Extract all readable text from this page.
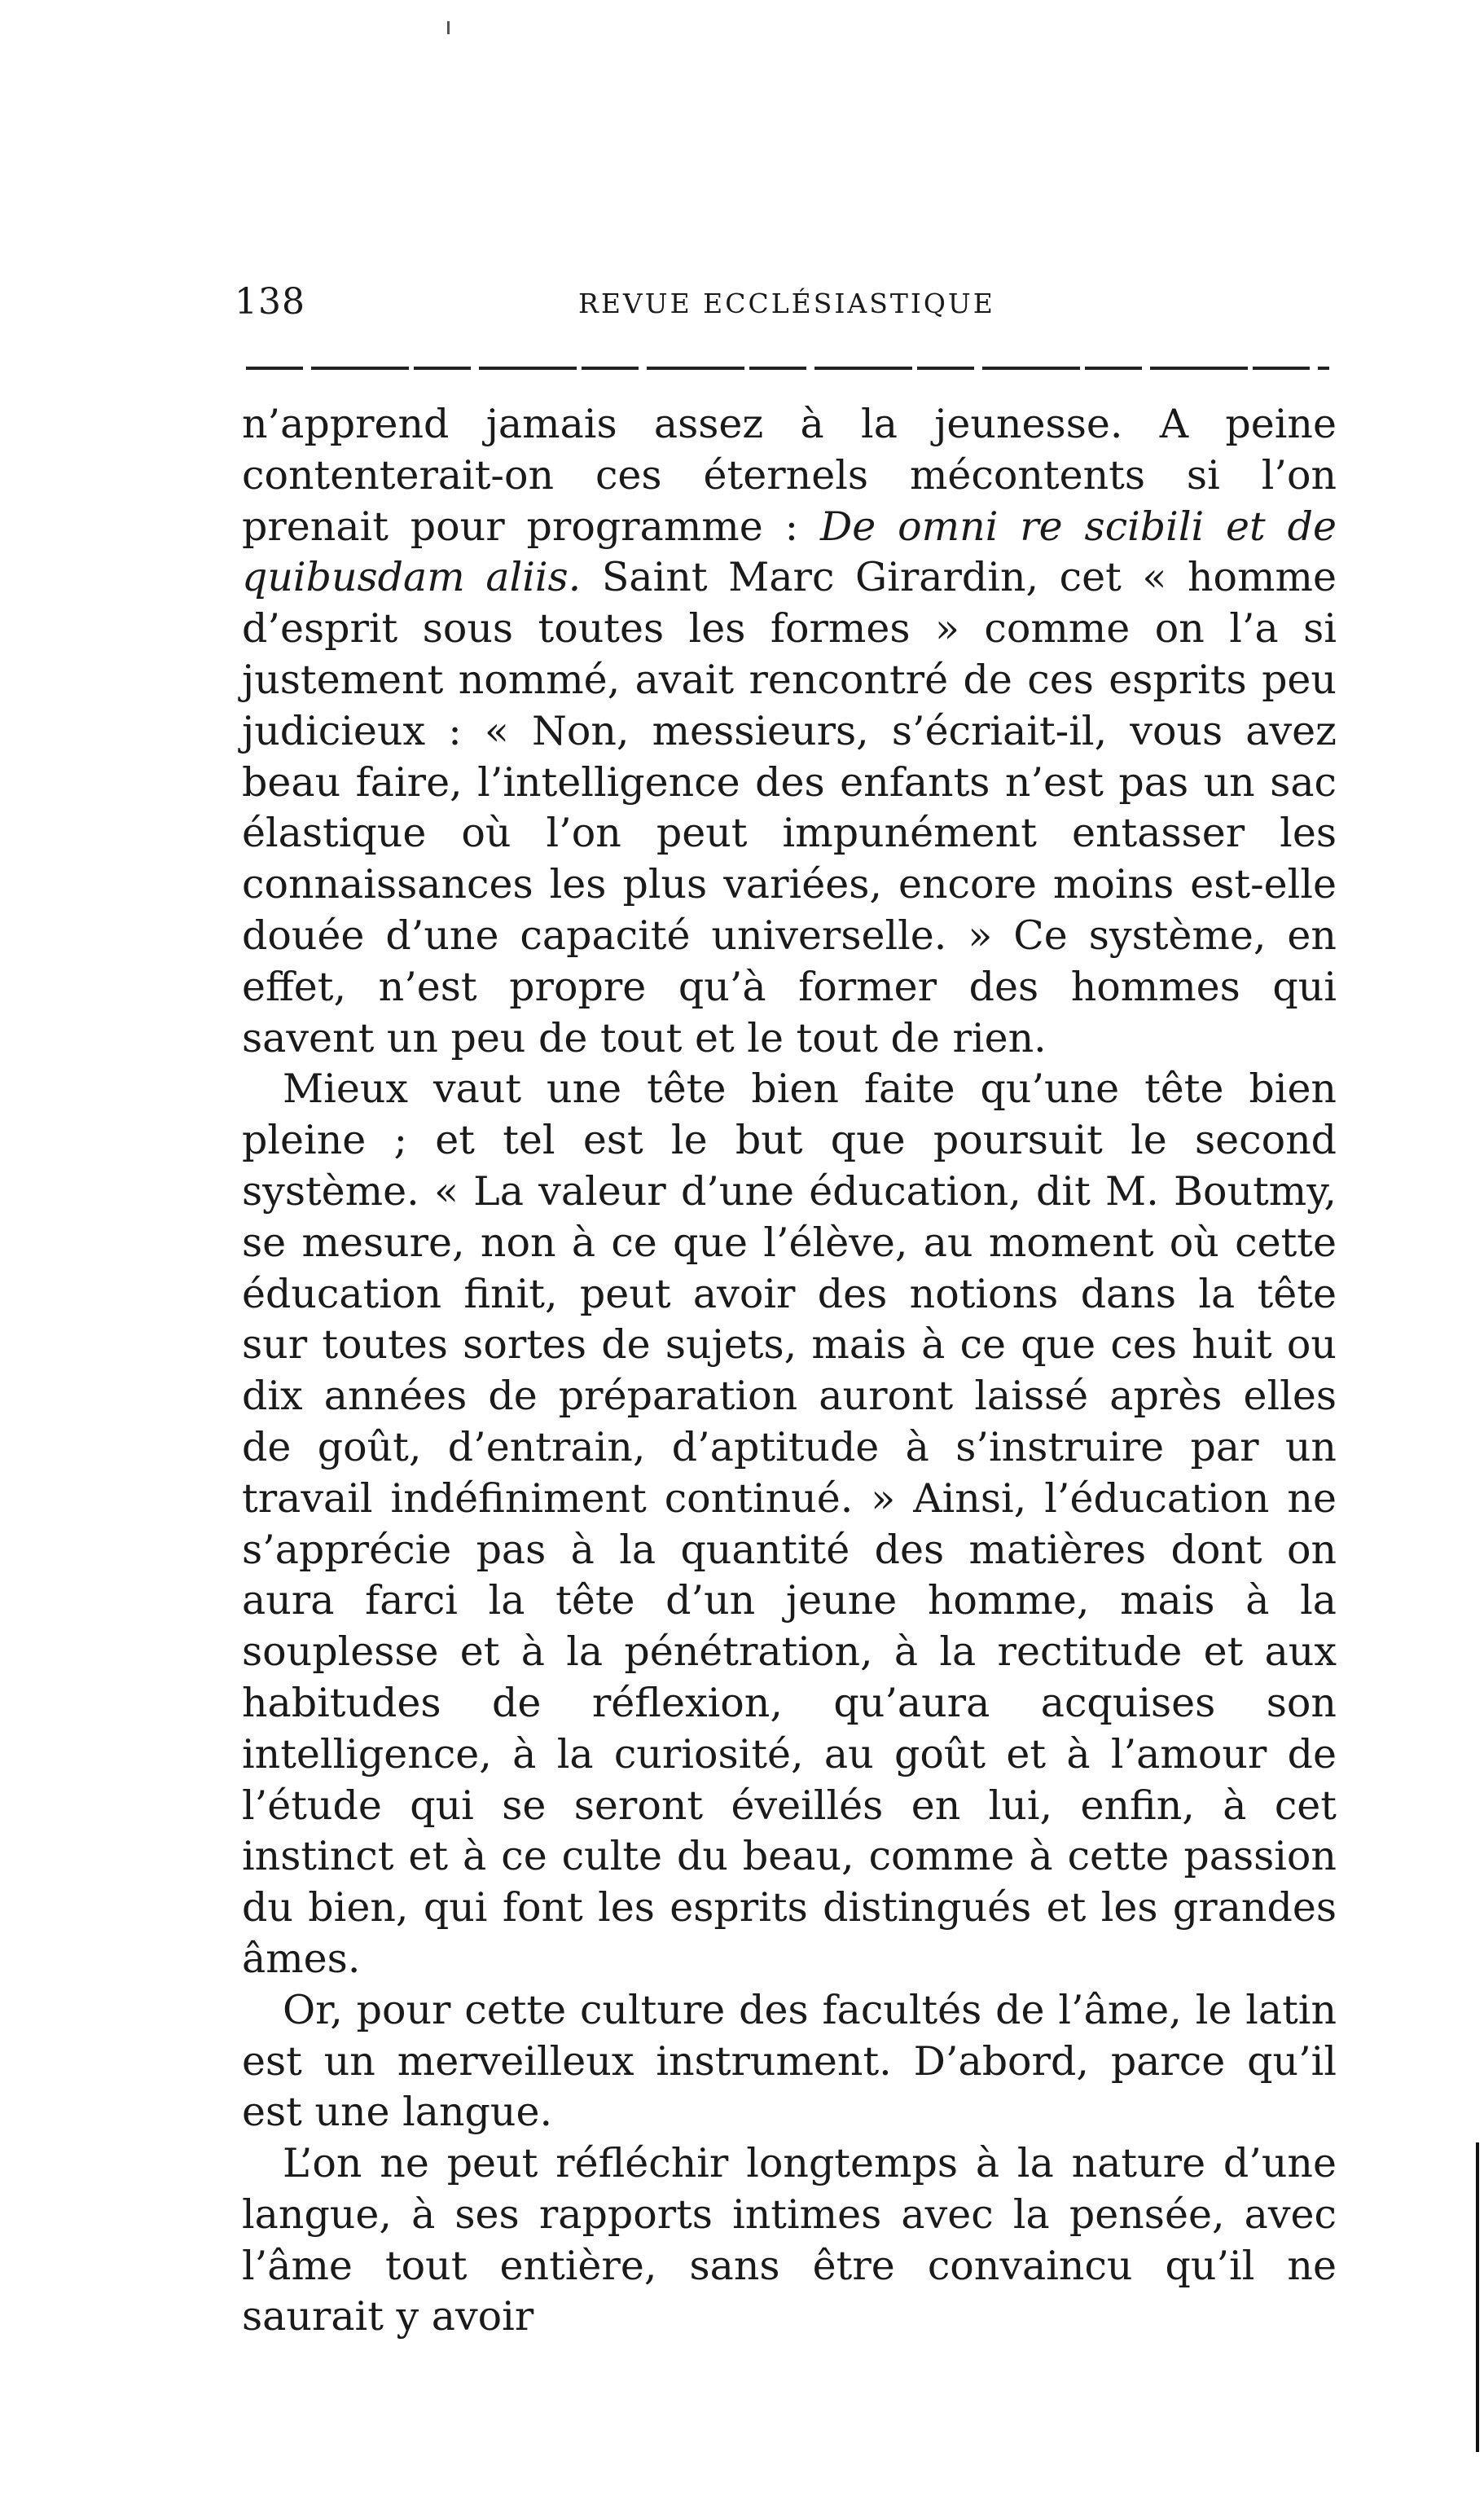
138	REVUE ECCLÉSIASTIQUE

n’apprend jamais assez à la jeunesse. A peine contenterait-on ces éternels mécontents si l’on prenait pour programme : De omni re scibili et de quibusdam aliis. Saint Marc Girardin, cet « homme d’esprit sous toutes les formes » comme on l’a si justement nommé, avait rencontré de ces esprits peu judicieux : « Non, messieurs, s’écriait-il, vous avez beau faire, l’intelligence des enfants n’est pas un sac élastique où l’on peut impunément entasser les connaissances les plus variées, encore moins est-elle douée d’une capacité universelle. » Ce système, en effet, n’est propre qu’à former des hommes qui savent un peu de tout et le tout de rien.

Mieux vaut une tête bien faite qu’une tête bien pleine ; et tel est le but que poursuit le second système. « La valeur d’une éducation, dit M. Boutmy, se mesure, non à ce que l’élève, au moment où cette éducation finit, peut avoir des notions dans la tête sur toutes sortes de sujets, mais à ce que ces huit ou dix années de préparation auront laissé après elles de goût, d’entrain, d’aptitude à s’instruire par un travail indéfiniment continué. » Ainsi, l’éducation ne s’apprécie pas à la quantité des matières dont on aura farci la tête d’un jeune homme, mais à la souplesse et à la pénétration, à la rectitude et aux habitudes de réflexion, qu’aura acquises son intelligence, à la curiosité, au goût et à l’amour de l’étude qui se seront éveillés en lui, enfin, à cet instinct et à ce culte du beau, comme à cette passion du bien, qui font les esprits distingués et les grandes âmes.

Or, pour cette culture des facultés de l’âme, le latin est un merveilleux instrument. D’abord, parce qu’il est une langue.

L’on ne peut réfléchir longtemps à la nature d’une langue, à ses rapports intimes avec la pensée, avec l’âme tout entière, sans être convaincu qu’il ne saurait y avoir
